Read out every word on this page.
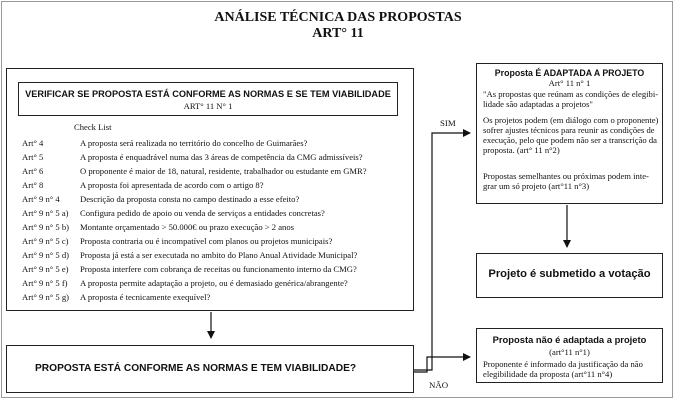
ANÁLISE TÉCNICA DAS PROPOSTAS
ART° 11
SIM
NÃO
VERIFICAR SE PROPOSTA ESTÁ CONFORME AS NORMAS E SE TEM VIABILIDADE
ART° 11 N° 1
Check List
Art° 4	A proposta será realizada no território do concelho de Guimarães?
Art° 5	A proposta é enquadrável numa das 3 áreas de competência da CMG admissíveis?
Art° 6	O proponente é maior de 18, natural, residente, trabalhador ou estudante em GMR?
Art° 8	A proposta foi apresentada de acordo com o artigo 8?
Art° 9 n° 4 Descrição da proposta consta no campo destinado a esse efeito?
Art° 9 n° 5 a) Configura pedido de apoio ou venda de serviços a entidades concretas?
Art° 9 n° 5 b) Montante orçamentado > 50.000€ ou prazo execução > 2 anos
Art° 9 n° 5 c) Proposta contraria ou é incompatível com planos ou projetos municipais?
Art° 9 n° 5 d) Proposta já está a ser executada no ambito do Plano Anual Atividade Municipal?
Art° 9 n° 5 e) Proposta interfere com cobrança de receitas ou funcionamento interno da CMG?
Art° 9 n° 5 f) A proposta permite adaptação a projeto, ou é demasiado genérica/abrangente?
Art° 9 n° 5 g) A proposta é tecnicamente exequível?
PROPOSTA ESTÁ CONFORME AS NORMAS E TEM VIABILIDADE?
Proposta É ADAPTADA A PROJETO
Art° 11 n° 1
"As propostas que reúnam as condições de elegibi-
lidade são adaptadas a projetos"
Os projetos podem (em diálogo com o proponente)
sofrer ajustes técnicos para reunir as condições de
execução, pelo que podem não ser a transcrição da
proposta. (art° 11 n°2)
Propostas semelhantes ou próximas podem inte-
grar um só projeto (art°11 n°3)
Projeto é submetido a votação
Proposta não é adaptada a projeto
(art°11 n°1)
Proponente é informado da justificação da não
elegibilidade da proposta (art°11 n°4)
